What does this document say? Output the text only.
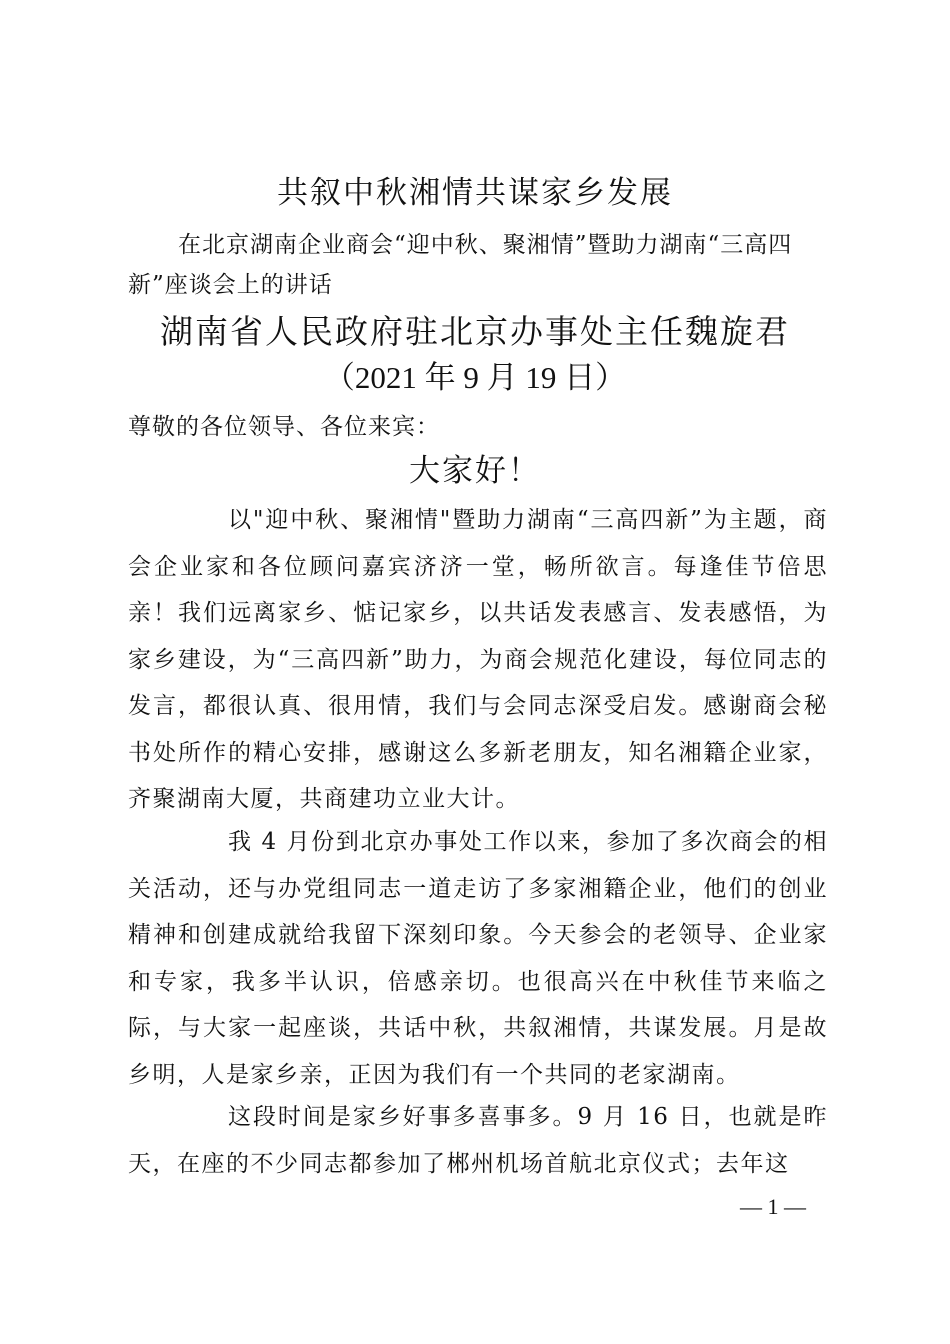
共叙中秋湘情共谋家乡发展
在北京湖南企业商会“迎中秋、聚湘情”暨助力湖南“三高四新”座谈会上的讲话
湖南省人民政府驻北京办事处主任魏旋君
（2021 年 9 月 19 日）
尊敬的各位领导、各位来宾：
大家好！

以"迎中秋、聚湘情"暨助力湖南“三高四新”为主题，商会企业家和各位顾问嘉宾济济一堂，畅所欲言。每逢佳节倍思亲！我们远离家乡、惦记家乡，以共话发表感言、发表感悟，为家乡建设，为“三高四新”助力，为商会规范化建设，每位同志的发言，都很认真、很用情，我们与会同志深受启发。感谢商会秘书处所作的精心安排，感谢这么多新老朋友，知名湘籍企业家，齐聚湖南大厦，共商建功立业大计。

我 4 月份到北京办事处工作以来，参加了多次商会的相关活动，还与办党组同志一道走访了多家湘籍企业，他们的创业精神和创建成就给我留下深刻印象。今天参会的老领导、企业家和专家，我多半认识，倍感亲切。也很高兴在中秋佳节来临之际，与大家一起座谈，共话中秋，共叙湘情，共谋发展。月是故乡明，人是家乡亲，正因为我们有一个共同的老家湖南。

这段时间是家乡好事多喜事多。9 月 16 日，也就是昨天，在座的不少同志都参加了郴州机场首航北京仪式；去年这

— 1 —
